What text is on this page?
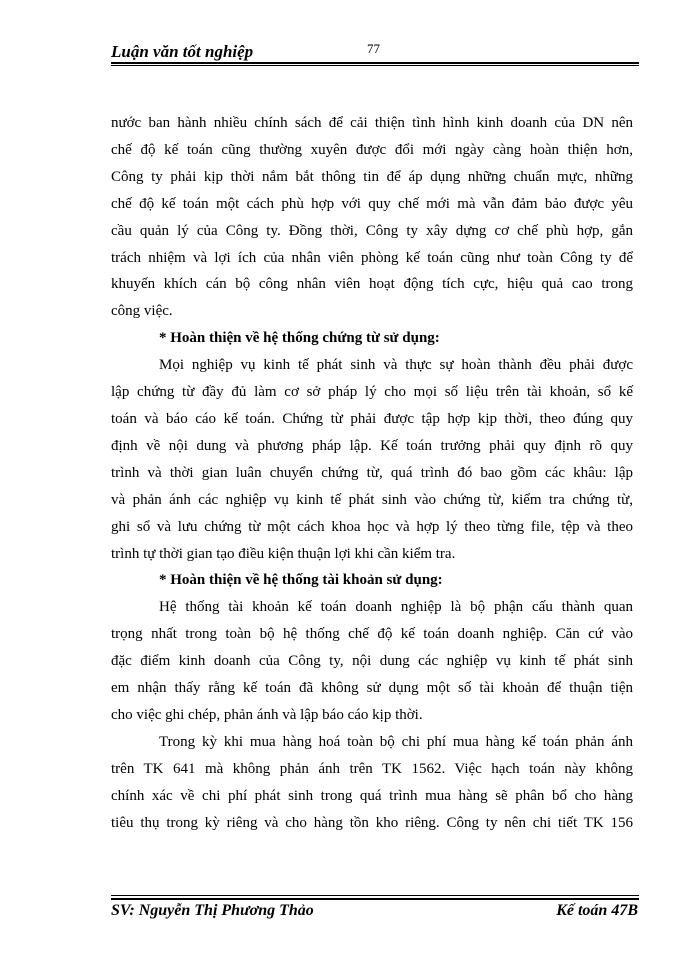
Luận văn tốt nghiệp	77

nước ban hành nhiều chính sách để cải thiện tình hình kinh doanh của DN nên
chế độ kế toán cũng thường xuyên được đổi mới ngày càng hoàn thiện hơn,
Công ty phải kịp thời nắm bắt thông tin để áp dụng những chuẩn mực, những
chế độ kế toán một cách phù hợp với quy chế mới mà vẫn đảm bảo được yêu
cầu quản lý của Công ty. Đồng thời, Công ty xây dựng cơ chế phù hợp, gắn
trách nhiệm và lợi ích của nhân viên phòng kế toán cũng như toàn Công ty để
khuyến khích cán bộ công nhân viên hoạt động tích cực, hiệu quả cao trong
công việc.

* Hoàn thiện về hệ thống chứng từ sử dụng:

Mọi nghiệp vụ kinh tế phát sinh và thực sự hoàn thành đều phải được
lập chứng từ đầy đủ làm cơ sở pháp lý cho mọi số liệu trên tài khoản, sổ kế
toán và báo cáo kế toán. Chứng từ phải được tập hợp kịp thời, theo đúng quy
định về nội dung và phương pháp lập. Kế toán trưởng phải quy định rõ quy
trình và thời gian luân chuyển chứng từ, quá trình đó bao gồm các khâu: lập
và phản ánh các nghiệp vụ kinh tế phát sinh vào chứng từ, kiểm tra chứng từ,
ghi sổ và lưu chứng từ một cách khoa học và hợp lý theo từng file, tệp và theo
trình tự thời gian tạo điều kiện thuận lợi khi cần kiểm tra.

* Hoàn thiện về hệ thống tài khoản sử dụng:

Hệ thống tài khoản kế toán doanh nghiệp là bộ phận cấu thành quan
trọng nhất trong toàn bộ hệ thống chế độ kế toán doanh nghiệp. Căn cứ vào
đặc điểm kinh doanh của Công ty, nội dung các nghiệp vụ kinh tế phát sinh
em nhận thấy rằng kế toán đã không sử dụng một số tài khoản để thuận tiện
cho việc ghi chép, phản ánh và lập báo cáo kịp thời.

Trong kỳ khi mua hàng hoá toàn bộ chi phí mua hàng kế toán phản ánh
trên TK 641 mà không phản ánh trên TK 1562. Việc hạch toán này không
chính xác về chi phí phát sinh trong quá trình mua hàng sẽ phân bổ cho hàng
tiêu thụ trong kỳ riêng và cho hàng tồn kho riêng. Công ty nên chi tiết TK 156

SV: Nguyễn Thị Phương Thảo	Kế toán 47B
